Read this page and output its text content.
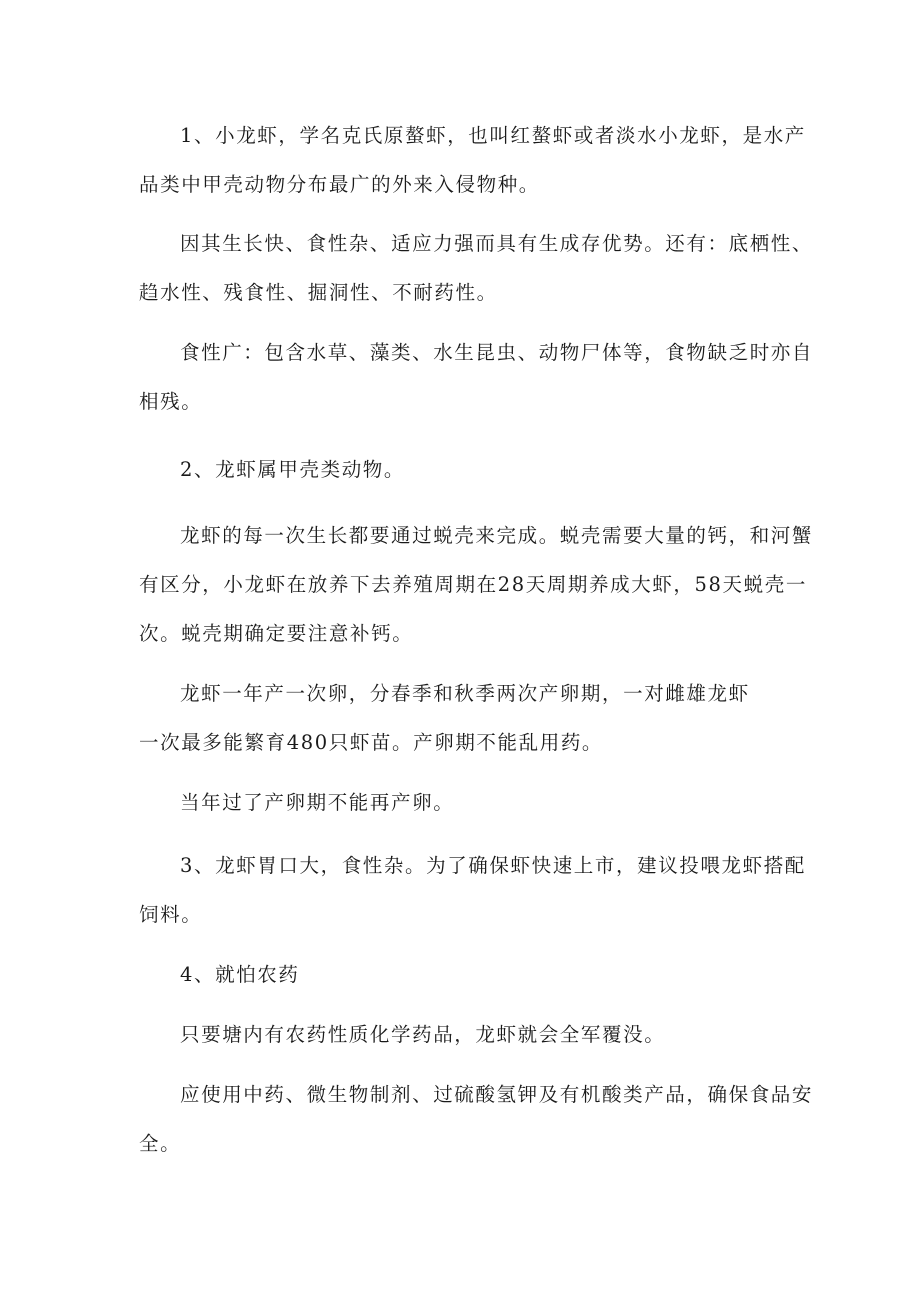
1、小龙虾，学名克氏原螯虾，也叫红螯虾或者淡水小龙虾，是水产
品类中甲壳动物分布最广的外来入侵物种。
因其生长快、食性杂、适应力强而具有生成存优势。还有：底栖性、
趋水性、残食性、掘洞性、不耐药性。
食性广：包含水草、藻类、水生昆虫、动物尸体等，食物缺乏时亦自
相残。
2、龙虾属甲壳类动物。
龙虾的每一次生长都要通过蜕壳来完成。蜕壳需要大量的钙，和河蟹
有区分，小龙虾在放养下去养殖周期在28天周期养成大虾，58天蜕壳一
次。蜕壳期确定要注意补钙。
龙虾一年产一次卵，分春季和秋季两次产卵期，一对雌雄龙虾
一次最多能繁育480只虾苗。产卵期不能乱用药。
当年过了产卵期不能再产卵。
3、龙虾胃口大，食性杂。为了确保虾快速上市，建议投喂龙虾搭配
饲料。
4、就怕农药
只要塘内有农药性质化学药品，龙虾就会全军覆没。
应使用中药、微生物制剂、过硫酸氢钾及有机酸类产品，确保食品安
全。
